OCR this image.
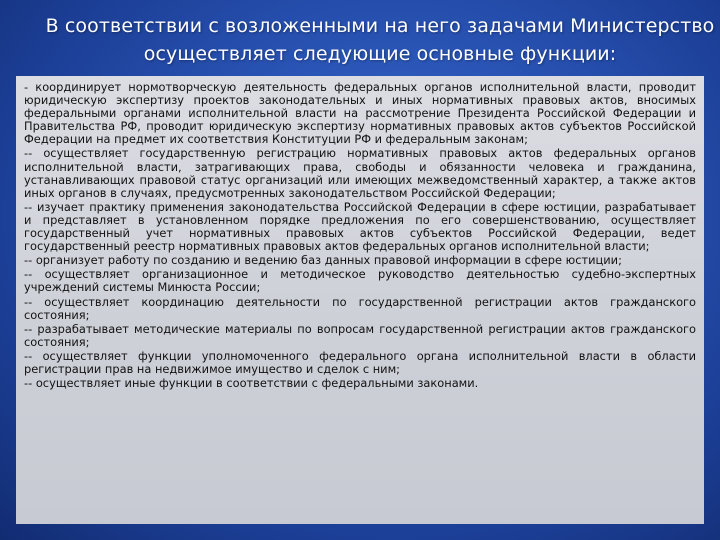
В соответствии с возложенными на него задачами Министерство осуществляет следующие основные функции:

- координирует нормотворческую деятельность федеральных органов исполнительной власти, проводит юридическую экспертизу проектов законодательных и иных нормативных правовых актов, вносимых федеральными органами исполнительной власти на рассмотрение Президента Российской Федерации и Правительства РФ, проводит юридическую экспертизу нормативных правовых актов субъектов Российской Федерации на предмет их соответствия Конституции РФ и федеральным законам;

-- осуществляет государственную регистрацию нормативных правовых актов федеральных органов исполнительной власти, затрагивающих права, свободы и обязанности человека и гражданина, устанавливающих правовой статус организаций или имеющих межведомственный характер, а также актов иных органов в случаях, предусмотренных законодательством Российской Федерации;

-- изучает практику применения законодательства Российской Федерации в сфере юстиции, разрабатывает и представляет в установленном порядке предложения по его совершенствованию, осуществляет государственный учет нормативных правовых актов субъектов Российской Федерации, ведет государственный реестр нормативных правовых актов федеральных органов исполнительной власти;

-- организует работу по созданию и ведению баз данных правовой информации в сфере юстиции;

-- осуществляет организационное и методическое руководство деятельностью судебно-экспертных учреждений системы Минюста России;

-- осуществляет координацию деятельности по государственной регистрации актов гражданского состояния;

-- разрабатывает методические материалы по вопросам государственной регистрации актов гражданского состояния;

-- осуществляет функции уполномоченного федерального органа исполнительной власти в области регистрации прав на недвижимое имущество и сделок с ним;

-- осуществляет иные функции в соответствии с федеральными законами.
